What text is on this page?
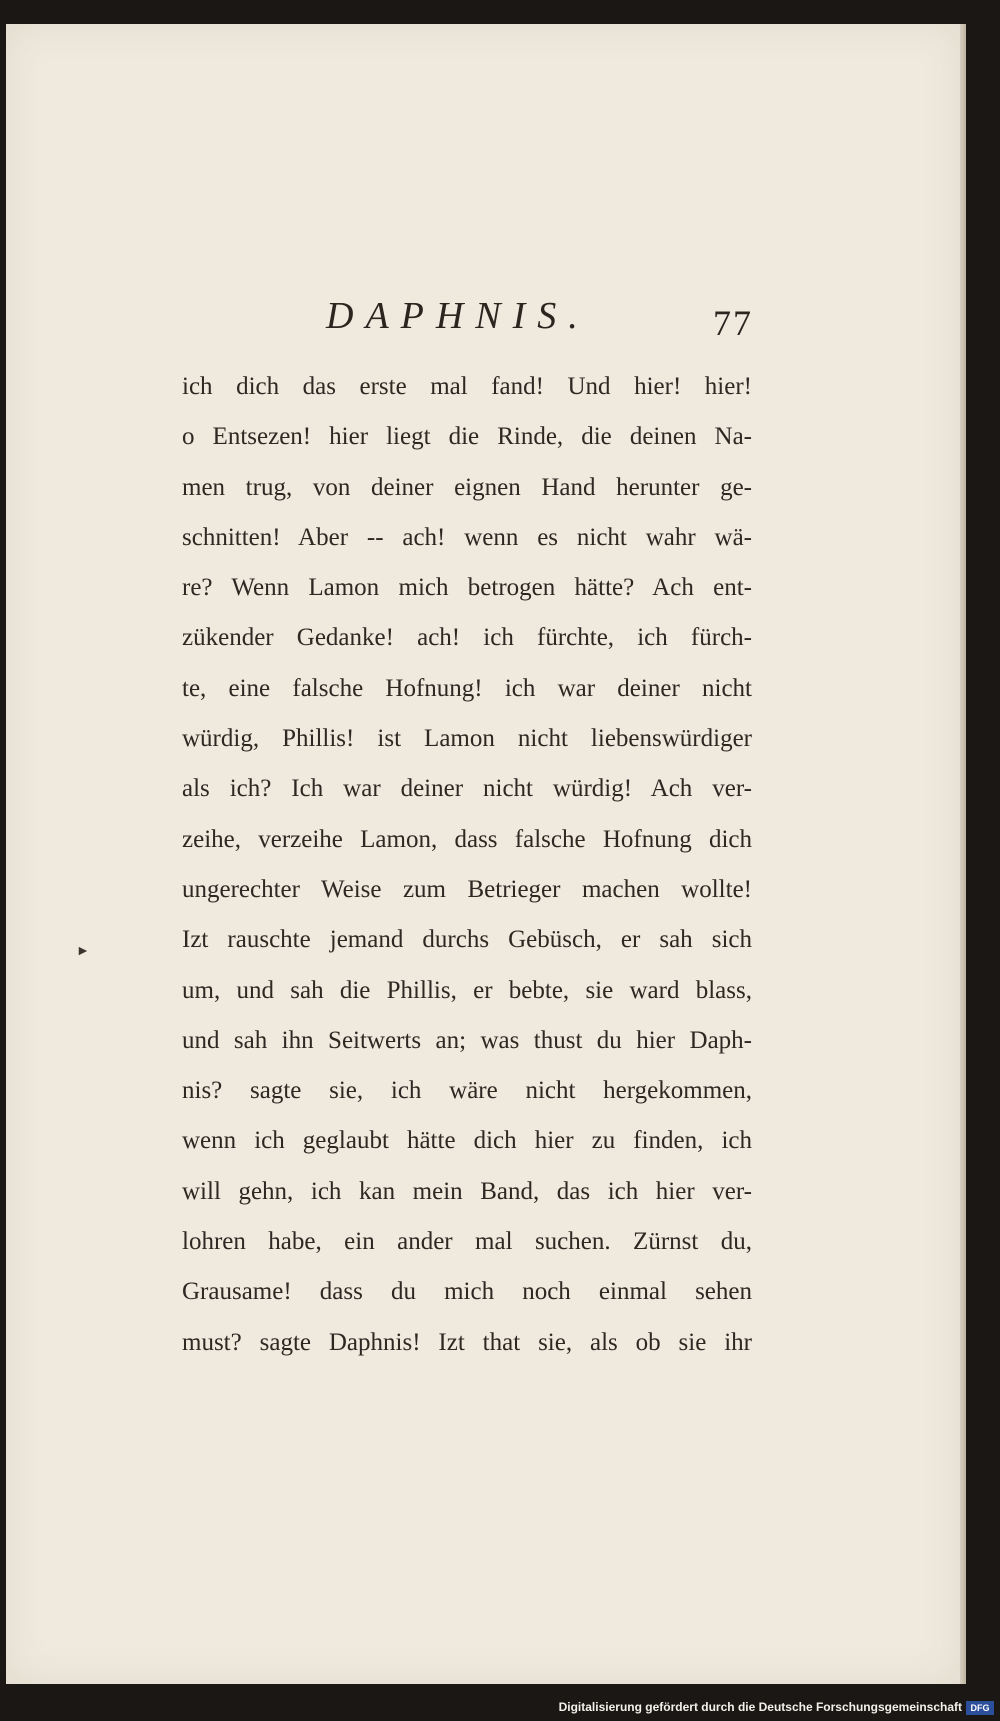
DAPHNIS.	77
ich dich das erste mal fand! Und hier! hier!
o Entsezen! hier liegt die Rinde, die deinen Na-
men trug, von deiner eignen Hand herunter ge-
schnitten! Aber -- ach! wenn es nicht wahr wä-
re? Wenn Lamon mich betrogen hätte? Ach ent-
zükender Gedanke! ach! ich fürchte, ich fürch-
te, eine falsche Hofnung! ich war deiner nicht
würdig, Phillis! ist Lamon nicht liebenswürdiger
als ich? Ich war deiner nicht würdig! Ach ver-
zeihe, verzeihe Lamon, dass falsche Hofnung dich
ungerechter Weise zum Betrieger machen wollte!
Izt rauschte jemand durchs Gebüsch, er sah sich
um, und sah die Phillis, er bebte, sie ward blass,
und sah ihn Seitwerts an; was thust du hier Daph-
nis? sagte sie, ich wäre nicht hergekommen,
wenn ich geglaubt hätte dich hier zu finden, ich
will gehn, ich kan mein Band, das ich hier ver-
lohren habe, ein ander mal suchen. Zürnst du,
Grausame! dass du mich noch einmal sehen
must? sagte Daphnis! Izt that sie, als ob sie ihr
►
Digitalisierung gefördert durch die Deutsche Forschungsgemeinschaft DFG
